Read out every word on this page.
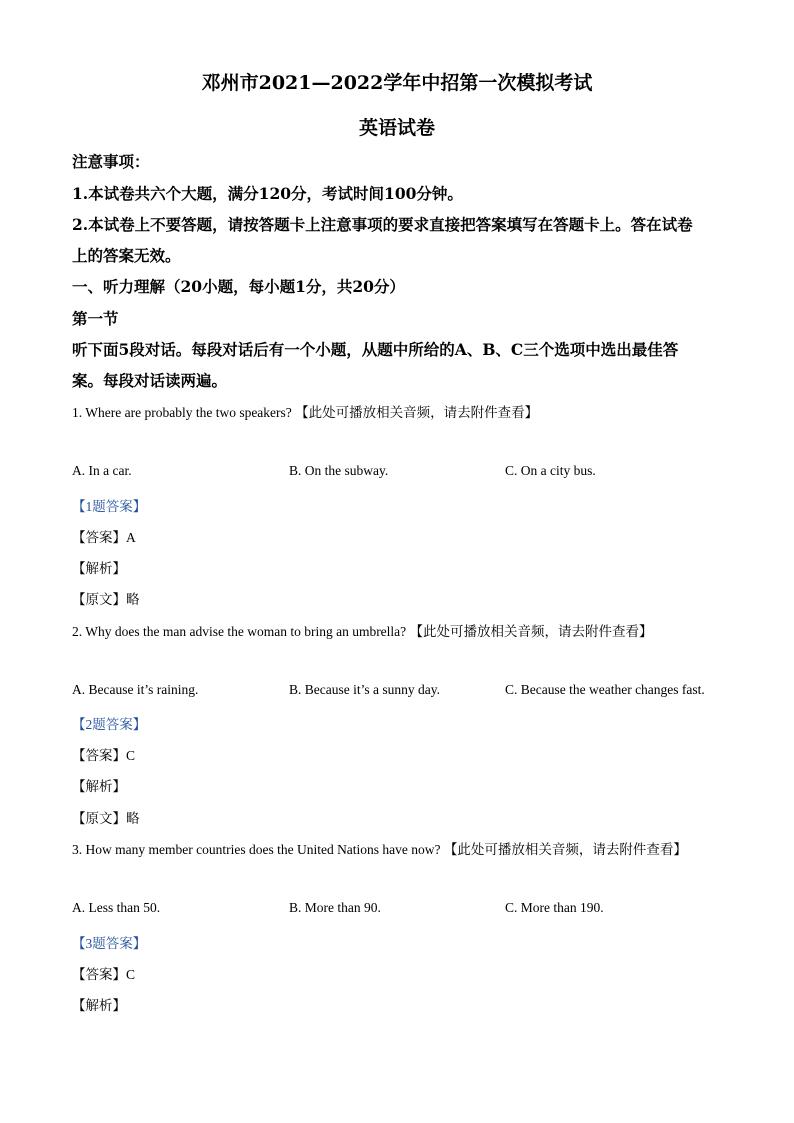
邓州市2021—2022学年中招第一次模拟考试
英语试卷

注意事项：

1.本试卷共六个大题，满分120分，考试时间100分钟。

2.本试卷上不要答题，请按答题卡上注意事项的要求直接把答案填写在答题卡上。答在试卷

上的答案无效。

一、听力理解（20小题，每小题1分，共20分）

第一节

听下面5段对话。每段对话后有一个小题，从题中所给的A、B、C三个选项中选出最佳答

案。每段对话读两遍。

1. Where are probably the two speakers? 【此处可播放相关音频，请去附件查看】

A. In a car.	B. On the subway.	C. On a city bus.

【1题答案】

【答案】A

【解析】

【原文】略

2. Why does the man advise the woman to bring an umbrella? 【此处可播放相关音频，请去附件查看】

A. Because it’s raining.	B. Because it’s a sunny day.	C. Because the weather changes fast.

【2题答案】

【答案】C

【解析】

【原文】略

3. How many member countries does the United Nations have now? 【此处可播放相关音频，请去附件查看】

A. Less than 50.	B. More than 90.	C. More than 190.

【3题答案】

【答案】C

【解析】
